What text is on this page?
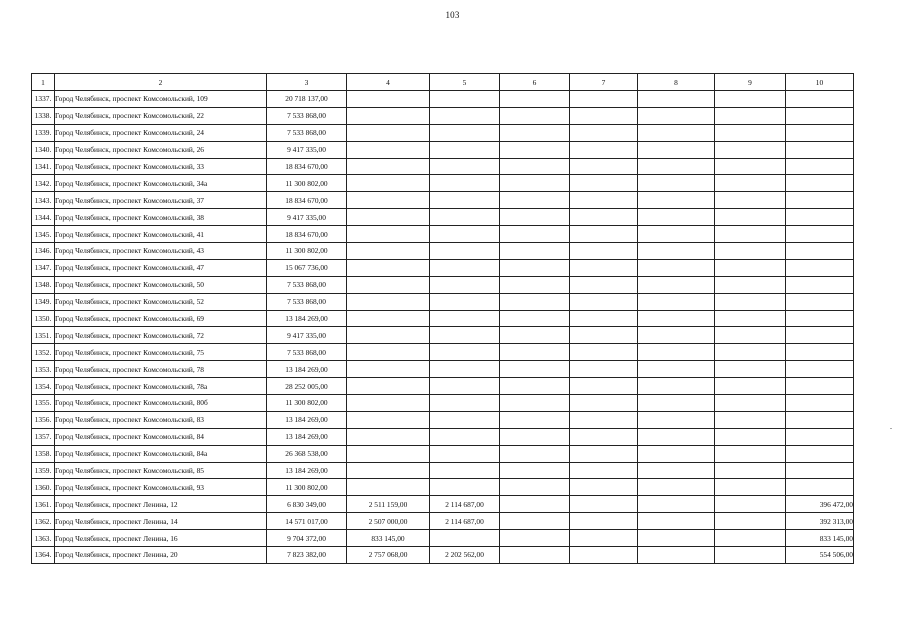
103
1	2	3	4	5	6	7	8	9	10
1337.	Город Челябинск, проспект Комсомольский, 109	20 718 137,00							
1338.	Город Челябинск, проспект Комсомольский, 22	7 533 868,00							
1339.	Город Челябинск, проспект Комсомольский, 24	7 533 868,00							
1340.	Город Челябинск, проспект Комсомольский, 26	9 417 335,00							
1341.	Город Челябинск, проспект Комсомольский, 33	18 834 670,00							
1342.	Город Челябинск, проспект Комсомольский, 34а	11 300 802,00							
1343.	Город Челябинск, проспект Комсомольский, 37	18 834 670,00							
1344.	Город Челябинск, проспект Комсомольский, 38	9 417 335,00							
1345.	Город Челябинск, проспект Комсомольский, 41	18 834 670,00							
1346.	Город Челябинск, проспект Комсомольский, 43	11 300 802,00							
1347.	Город Челябинск, проспект Комсомольский, 47	15 067 736,00							
1348.	Город Челябинск, проспект Комсомольский, 50	7 533 868,00							
1349.	Город Челябинск, проспект Комсомольский, 52	7 533 868,00							
1350.	Город Челябинск, проспект Комсомольский, 69	13 184 269,00							
1351.	Город Челябинск, проспект Комсомольский, 72	9 417 335,00							
1352.	Город Челябинск, проспект Комсомольский, 75	7 533 868,00							
1353.	Город Челябинск, проспект Комсомольский, 78	13 184 269,00							
1354.	Город Челябинск, проспект Комсомольский, 78а	28 252 005,00							
1355.	Город Челябинск, проспект Комсомольский, 80б	11 300 802,00							
1356.	Город Челябинск, проспект Комсомольский, 83	13 184 269,00							
1357.	Город Челябинск, проспект Комсомольский, 84	13 184 269,00							
1358.	Город Челябинск, проспект Комсомольский, 84а	26 368 538,00							
1359.	Город Челябинск, проспект Комсомольский, 85	13 184 269,00							
1360.	Город Челябинск, проспект Комсомольский, 93	11 300 802,00							
1361.	Город Челябинск, проспект Ленина, 12	6 830 349,00	2 511 159,00	2 114 687,00					396 472,00
1362.	Город Челябинск, проспект Ленина, 14	14 571 017,00	2 507 000,00	2 114 687,00					392 313,00
1363.	Город Челябинск, проспект Ленина, 16	9 704 372,00	833 145,00						833 145,00
1364.	Город Челябинск, проспект Ленина, 20	7 823 382,00	2 757 068,00	2 202 562,00					554 506,00
